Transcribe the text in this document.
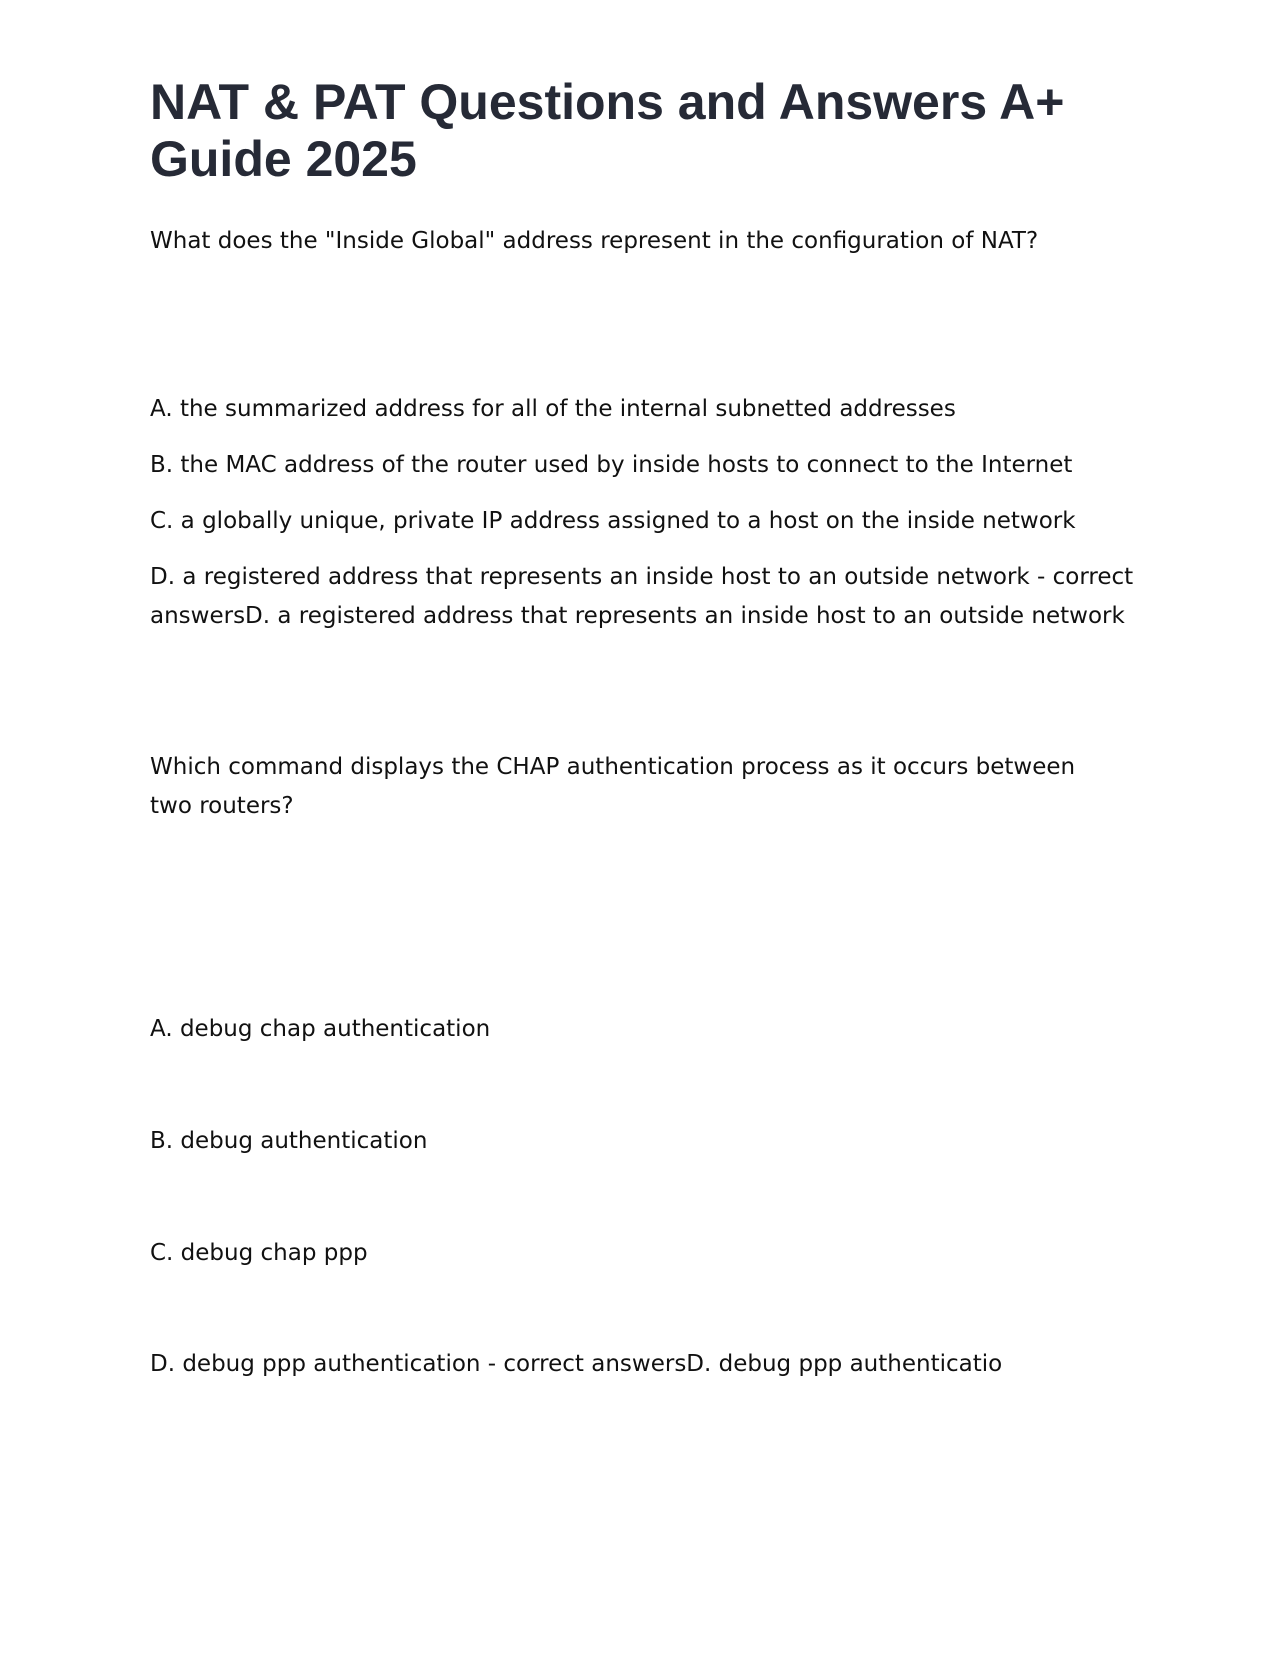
NAT & PAT Questions and Answers A+ Guide 2025

What does the "Inside Global" address represent in the configuration of NAT?

A. the summarized address for all of the internal subnetted addresses

B. the MAC address of the router used by inside hosts to connect to the Internet

C. a globally unique, private IP address assigned to a host on the inside network

D. a registered address that represents an inside host to an outside network - correct answersD. a registered address that represents an inside host to an outside network

Which command displays the CHAP authentication process as it occurs between two routers?

A. debug chap authentication

B. debug authentication

C. debug chap ppp

D. debug ppp authentication - correct answersD. debug ppp authenticatio
